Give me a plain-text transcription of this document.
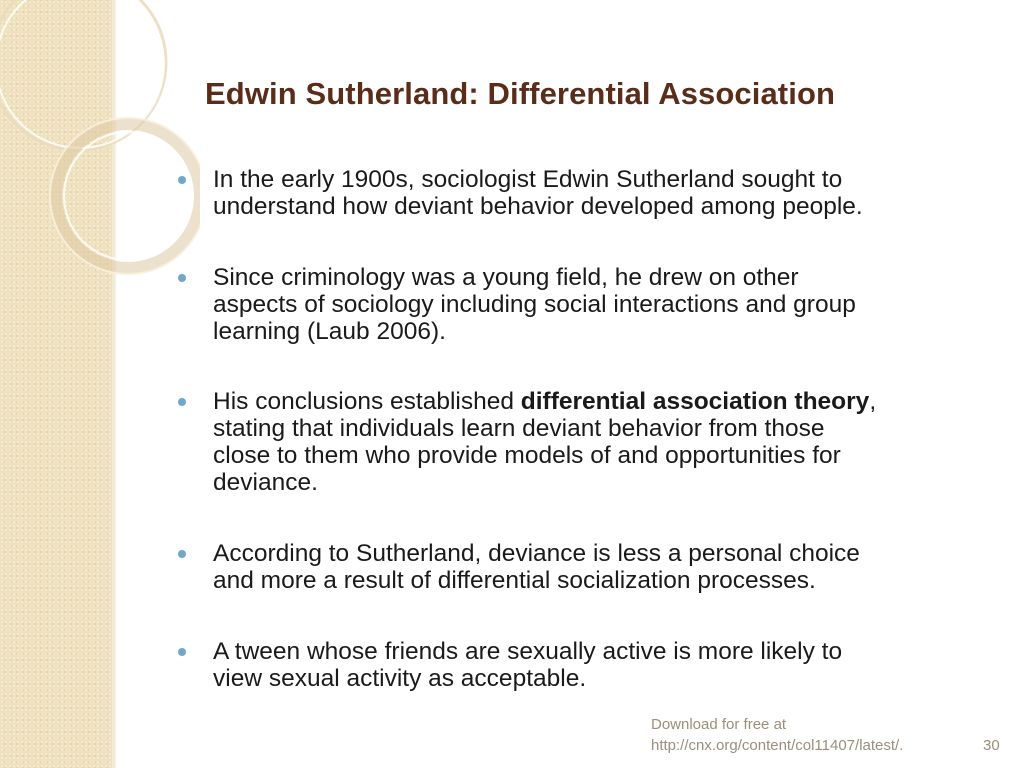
Edwin Sutherland: Differential Association
In the early 1900s, sociologist Edwin Sutherland sought to
understand how deviant behavior developed among people.
Since criminology was a young field, he drew on other
aspects of sociology including social interactions and group
learning (Laub 2006).
His conclusions established differential association theory,
stating that individuals learn deviant behavior from those
close to them who provide models of and opportunities for
deviance.
According to Sutherland, deviance is less a personal choice
and more a result of differential socialization processes.
A tween whose friends are sexually active is more likely to
view sexual activity as acceptable.
Download for free at
http://cnx.org/content/col11407/latest/.	30
